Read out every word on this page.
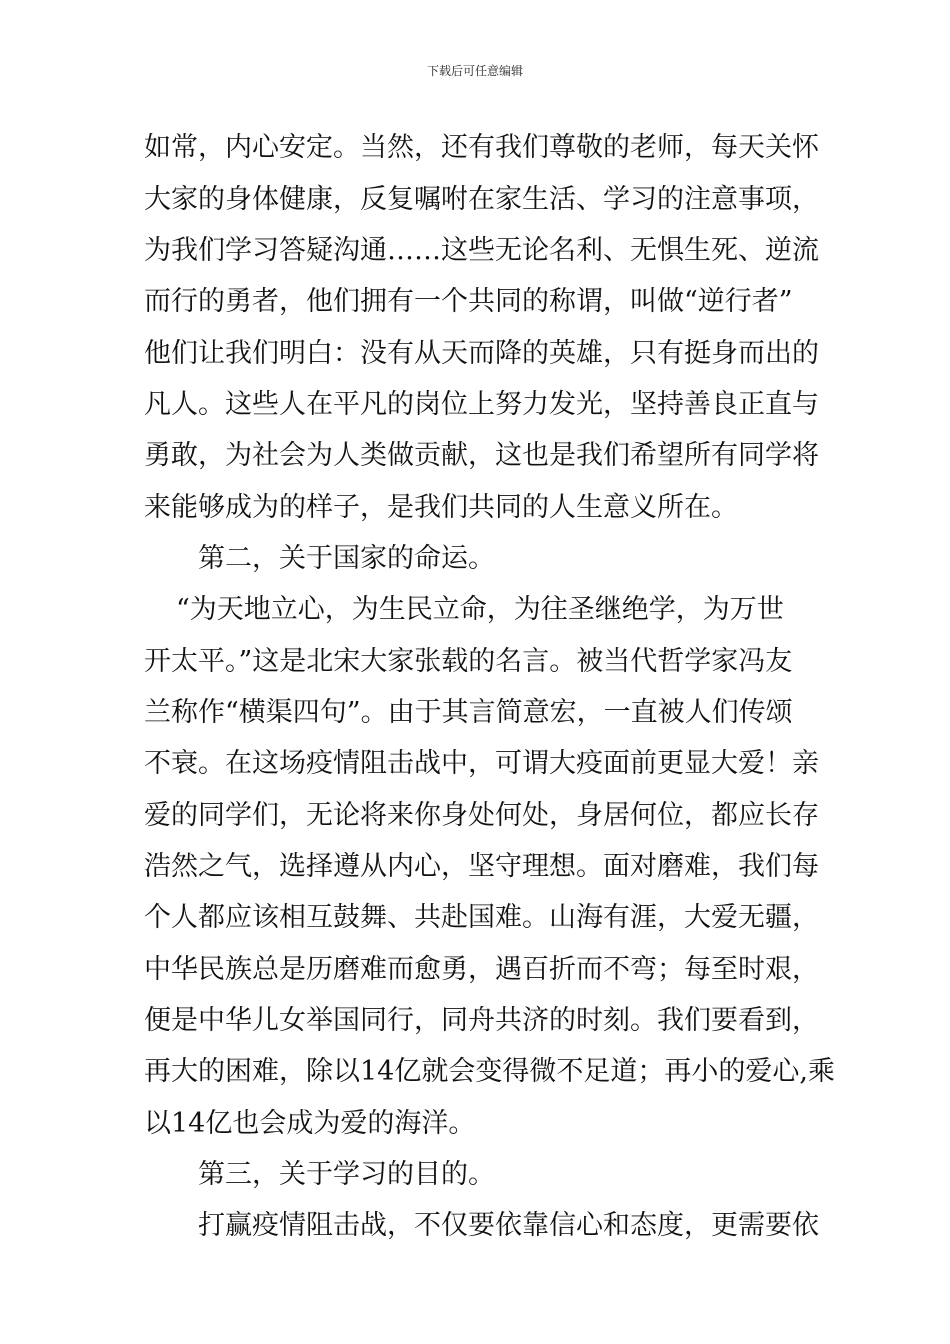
下载后可任意编辑
如常，内心安定。当然，还有我们尊敬的老师，每天关怀
大家的身体健康，反复嘱咐在家生活、学习的注意事项，
为我们学习答疑沟通……这些无论名利、无惧生死、逆流
而行的勇者，他们拥有一个共同的称谓，叫做“逆行者”
他们让我们明白：没有从天而降的英雄，只有挺身而出的
凡人。这些人在平凡的岗位上努力发光，坚持善良正直与
勇敢，为社会为人类做贡献，这也是我们希望所有同学将
来能够成为的样子，是我们共同的人生意义所在。
第二，关于国家的命运。
“为天地立心，为生民立命，为往圣继绝学，为万世
开太平。”这是北宋大家张载的名言。被当代哲学家冯友
兰称作“横渠四句”。由于其言简意宏，一直被人们传颂
不衰。在这场疫情阻击战中，可谓大疫面前更显大爱！亲
爱的同学们，无论将来你身处何处，身居何位，都应长存
浩然之气，选择遵从内心，坚守理想。面对磨难，我们每
个人都应该相互鼓舞、共赴国难。山海有涯，大爱无疆，
中华民族总是历磨难而愈勇，遇百折而不弯；每至时艰，
便是中华儿女举国同行，同舟共济的时刻。我们要看到，
再大的困难，除以14亿就会变得微不足道；再小的爱心,乘
以14亿也会成为爱的海洋。
第三，关于学习的目的。
打赢疫情阻击战，不仅要依靠信心和态度，更需要依
